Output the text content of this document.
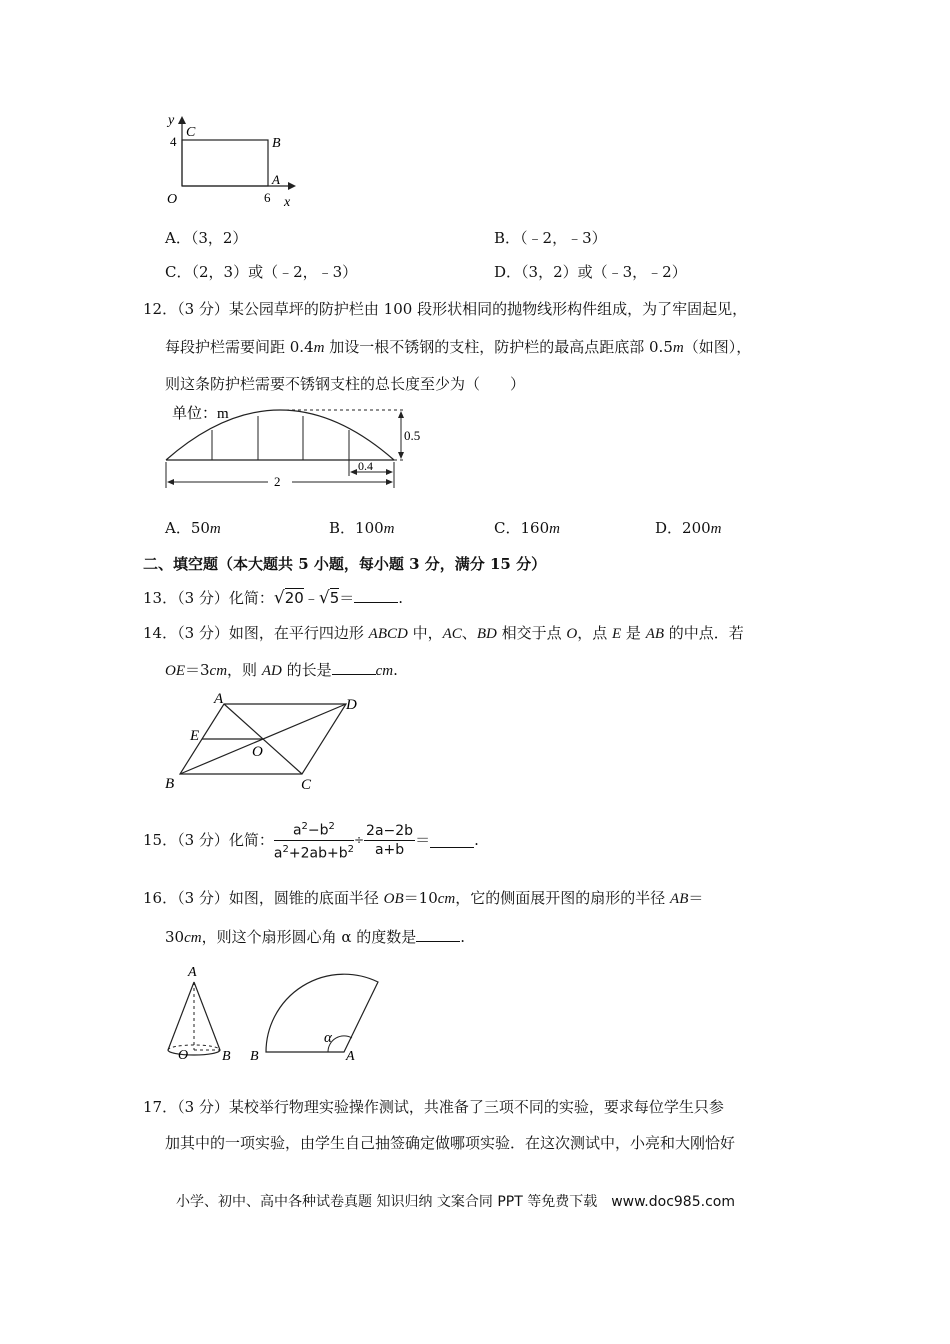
y
C
4	B
A
O	6 x
A．（3，2）	B．（﹣2，﹣3）
C．（2，3）或（﹣2，﹣3）	D．（3，2）或（﹣3，﹣2）
12．（3 分）某公园草坪的防护栏由 100 段形状相同的抛物线形构件组成，为了牢固起见，
每段护栏需要间距 0.4m 加设一根不锈钢的支柱，防护栏的最高点距底部 0.5m（如图），
则这条防护栏需要不锈钢支柱的总长度至少为（　　）
单位：m
0.5
2
0.4
A．50m	B．100m	C．160m	D．200m
二、填空题（本大题共 5 小题，每小题 3 分，满分 15 分）
13．（3 分）化简：√20﹣√5＝	.
14．（3 分）如图，在平行四边形 ABCD 中，AC、BD 相交于点 O，点 E 是 AB 的中点．若
OE＝3cm，则 AD 的长是	cm.
A	D
E
O
B	C
15．（3 分）化简： $\frac{a^2-b^2}{a^2+2ab+b^2} \div \frac{2a-2b}{a+b}$ ＝	.
16．（3 分）如图，圆锥的底面半径 OB＝10cm，它的侧面展开图的扇形的半径 AB＝
30cm，则这个扇形圆心角 α 的度数是	.
A
O B
α
B	A
17．（3 分）某校举行物理实验操作测试，共准备了三项不同的实验，要求每位学生只参
加其中的一项实验，由学生自己抽签确定做哪项实验．在这次测试中，小亮和大刚恰好
小学、初中、高中各种试卷真题 知识归纳 文案合同 PPT 等免费下载　www.doc985.com
